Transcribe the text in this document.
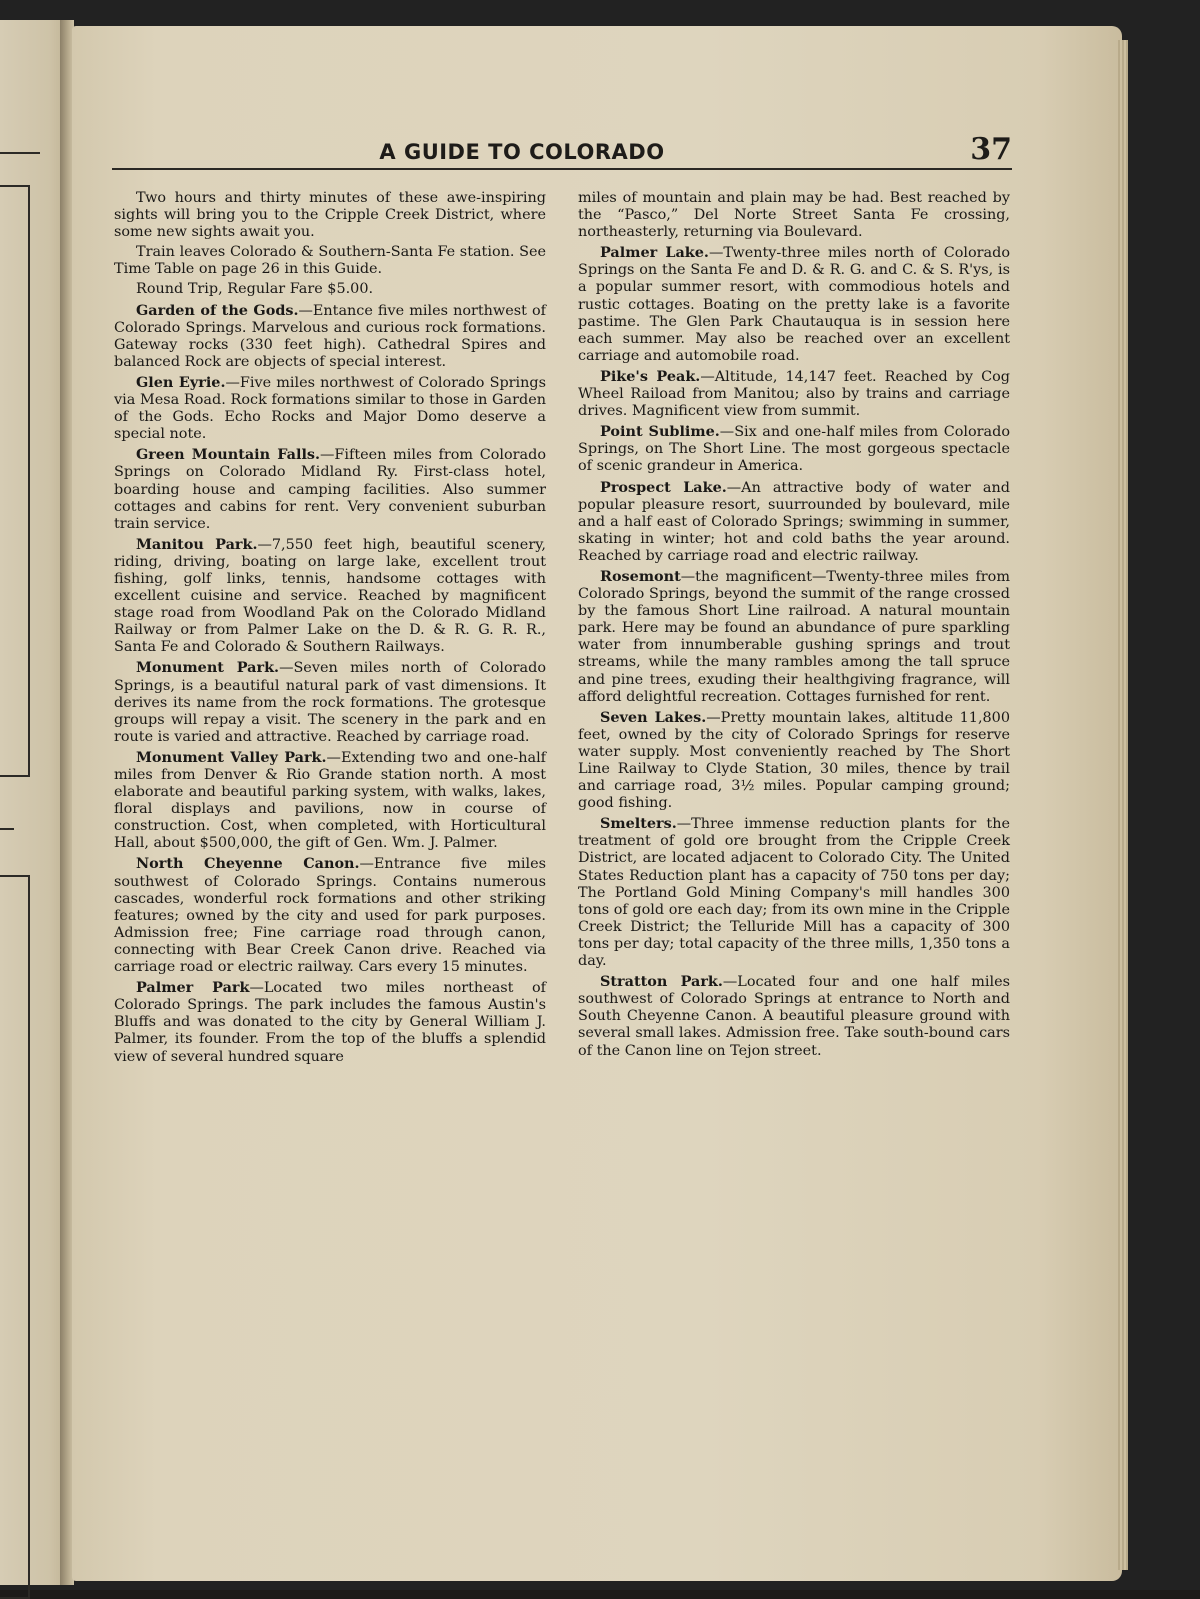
A GUIDE TO COLORADO	37

Two hours and thirty minutes of these awe-inspiring sights will bring you to the Cripple Creek District, where some new sights await you.

Train leaves Colorado & Southern-Santa Fe station. See Time Table on page 26 in this Guide.

Round Trip, Regular Fare $5.00.

Garden of the Gods.—Entance five miles northwest of Colorado Springs. Marvelous and curious rock formations. Gateway rocks (330 feet high). Cathedral Spires and balanced Rock are objects of special interest.

Glen Eyrie.—Five miles northwest of Colorado Springs via Mesa Road. Rock formations similar to those in Garden of the Gods. Echo Rocks and Major Domo deserve a special note.

Green Mountain Falls.—Fifteen miles from Colorado Springs on Colorado Midland Ry. First-class hotel, boarding house and camping facilities. Also summer cottages and cabins for rent. Very convenient suburban train service.

Manitou Park.—7,550 feet high, beautiful scenery, riding, driving, boating on large lake, excellent trout fishing, golf links, tennis, handsome cottages with excellent cuisine and service. Reached by magnificent stage road from Woodland Pak on the Colorado Midland Railway or from Palmer Lake on the D. & R. G. R. R., Santa Fe and Colorado & Southern Railways.

Monument Park.—Seven miles north of Colorado Springs, is a beautiful natural park of vast dimensions. It derives its name from the rock formations. The grotesque groups will repay a visit. The scenery in the park and en route is varied and attractive. Reached by carriage road.

Monument Valley Park.—Extending two and one-half miles from Denver & Rio Grande station north. A most elaborate and beautiful parking system, with walks, lakes, floral displays and pavilions, now in course of construction. Cost, when completed, with Horticultural Hall, about $500,000, the gift of Gen. Wm. J. Palmer.

North Cheyenne Canon.—Entrance five miles southwest of Colorado Springs. Contains numerous cascades, wonderful rock formations and other striking features; owned by the city and used for park purposes. Admission free; Fine carriage road through canon, connecting with Bear Creek Canon drive. Reached via carriage road or electric railway. Cars every 15 minutes.

Palmer Park—Located two miles northeast of Colorado Springs. The park includes the famous Austin's Bluffs and was donated to the city by General William J. Palmer, its founder. From the top of the bluffs a splendid view of several hundred square

miles of mountain and plain may be had. Best reached by the “Pasco,” Del Norte Street Santa Fe crossing, northeasterly, returning via Boulevard.

Palmer Lake.—Twenty-three miles north of Colorado Springs on the Santa Fe and D. & R. G. and C. & S. R'ys, is a popular summer resort, with commodious hotels and rustic cottages. Boating on the pretty lake is a favorite pastime. The Glen Park Chautauqua is in session here each summer. May also be reached over an excellent carriage and automobile road.

Pike's Peak.—Altitude, 14,147 feet. Reached by Cog Wheel Raiload from Manitou; also by trains and carriage drives. Magnificent view from summit.

Point Sublime.—Six and one-half miles from Colorado Springs, on The Short Line. The most gorgeous spectacle of scenic grandeur in America.

Prospect Lake.—An attractive body of water and popular pleasure resort, suurrounded by boulevard, mile and a half east of Colorado Springs; swimming in summer, skating in winter; hot and cold baths the year around. Reached by carriage road and electric railway.

Rosemont—the magnificent—Twenty-three miles from Colorado Springs, beyond the summit of the range crossed by the famous Short Line railroad. A natural mountain park. Here may be found an abundance of pure sparkling water from innumberable gushing springs and trout streams, while the many rambles among the tall spruce and pine trees, exuding their healthgiving fragrance, will afford delightful recreation. Cottages furnished for rent.

Seven Lakes.—Pretty mountain lakes, altitude 11,800 feet, owned by the city of Colorado Springs for reserve water supply. Most conveniently reached by The Short Line Railway to Clyde Station, 30 miles, thence by trail and carriage road, 3½ miles. Popular camping ground; good fishing.

Smelters.—Three immense reduction plants for the treatment of gold ore brought from the Cripple Creek District, are located adjacent to Colorado City. The United States Reduction plant has a capacity of 750 tons per day; The Portland Gold Mining Company's mill handles 300 tons of gold ore each day; from its own mine in the Cripple Creek District; the Telluride Mill has a capacity of 300 tons per day; total capacity of the three mills, 1,350 tons a day.

Stratton Park.—Located four and one half miles southwest of Colorado Springs at entrance to North and South Cheyenne Canon. A beautiful pleasure ground with several small lakes. Admission free. Take south-bound cars of the Canon line on Tejon street.
